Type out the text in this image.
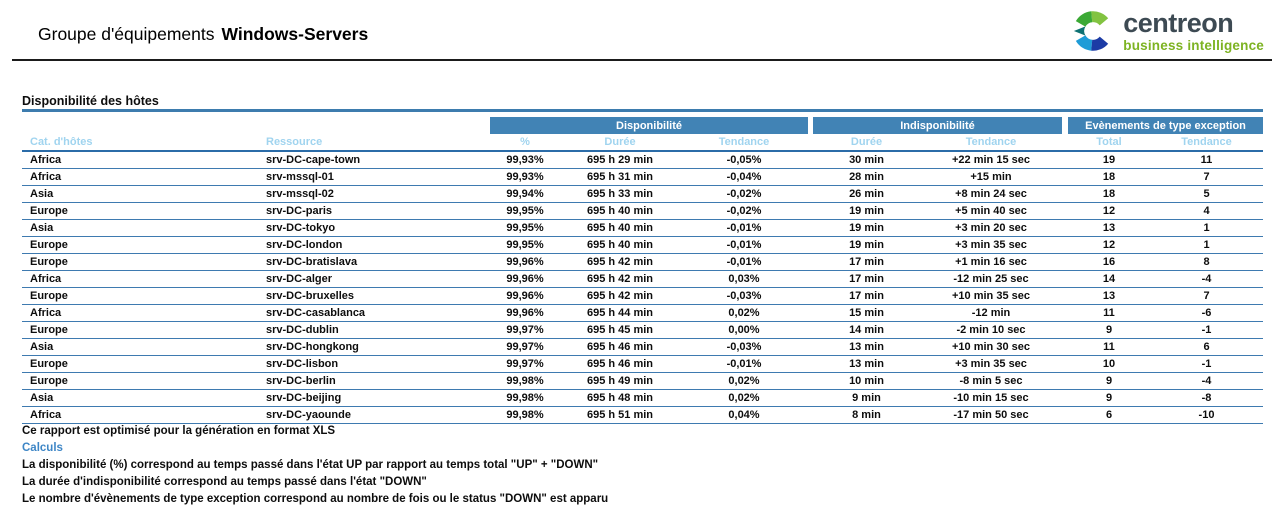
Groupe d'équipements Windows-Servers	centreon
business intelligence
Disponibilité des hôtes
		Disponibilité				Indisponibilité			Evènements de type exception	
Cat. d'hôtes	Ressource	%	Durée	Tendance		Durée	Tendance		Total	Tendance
Africa	srv-DC-cape-town	99,93%	695 h 29 min	-0,05%		30 min	+22 min 15 sec		19	11
Africa	srv-mssql-01	99,93%	695 h 31 min	-0,04%		28 min	+15 min		18	7
Asia	srv-mssql-02	99,94%	695 h 33 min	-0,02%		26 min	+8 min 24 sec		18	5
Europe	srv-DC-paris	99,95%	695 h 40 min	-0,02%		19 min	+5 min 40 sec		12	4
Asia	srv-DC-tokyo	99,95%	695 h 40 min	-0,01%		19 min	+3 min 20 sec		13	1
Europe	srv-DC-london	99,95%	695 h 40 min	-0,01%		19 min	+3 min 35 sec		12	1
Europe	srv-DC-bratislava	99,96%	695 h 42 min	-0,01%		17 min	+1 min 16 sec		16	8
Africa	srv-DC-alger	99,96%	695 h 42 min	0,03%		17 min	-12 min 25 sec		14	-4
Europe	srv-DC-bruxelles	99,96%	695 h 42 min	-0,03%		17 min	+10 min 35 sec		13	7
Africa	srv-DC-casablanca	99,96%	695 h 44 min	0,02%		15 min	-12 min		11	-6
Europe	srv-DC-dublin	99,97%	695 h 45 min	0,00%		14 min	-2 min 10 sec		9	-1
Asia	srv-DC-hongkong	99,97%	695 h 46 min	-0,03%		13 min	+10 min 30 sec		11	6
Europe	srv-DC-lisbon	99,97%	695 h 46 min	-0,01%		13 min	+3 min 35 sec		10	-1
Europe	srv-DC-berlin	99,98%	695 h 49 min	0,02%		10 min	-8 min 5 sec		9	-4
Asia	srv-DC-beijing	99,98%	695 h 48 min	0,02%		9 min	-10 min 15 sec		9	-8
Africa	srv-DC-yaounde	99,98%	695 h 51 min	0,04%		8 min	-17 min 50 sec		6	-10
Ce rapport est optimisé pour la génération en format XLS
Calculs
La disponibilité (%) correspond au temps passé dans l'état UP par rapport au temps total "UP" + "DOWN"
La durée d'indisponibilité correspond au temps passé dans l'état "DOWN"
Le nombre d'évènements de type exception correspond au nombre de fois ou le status "DOWN" est apparu
